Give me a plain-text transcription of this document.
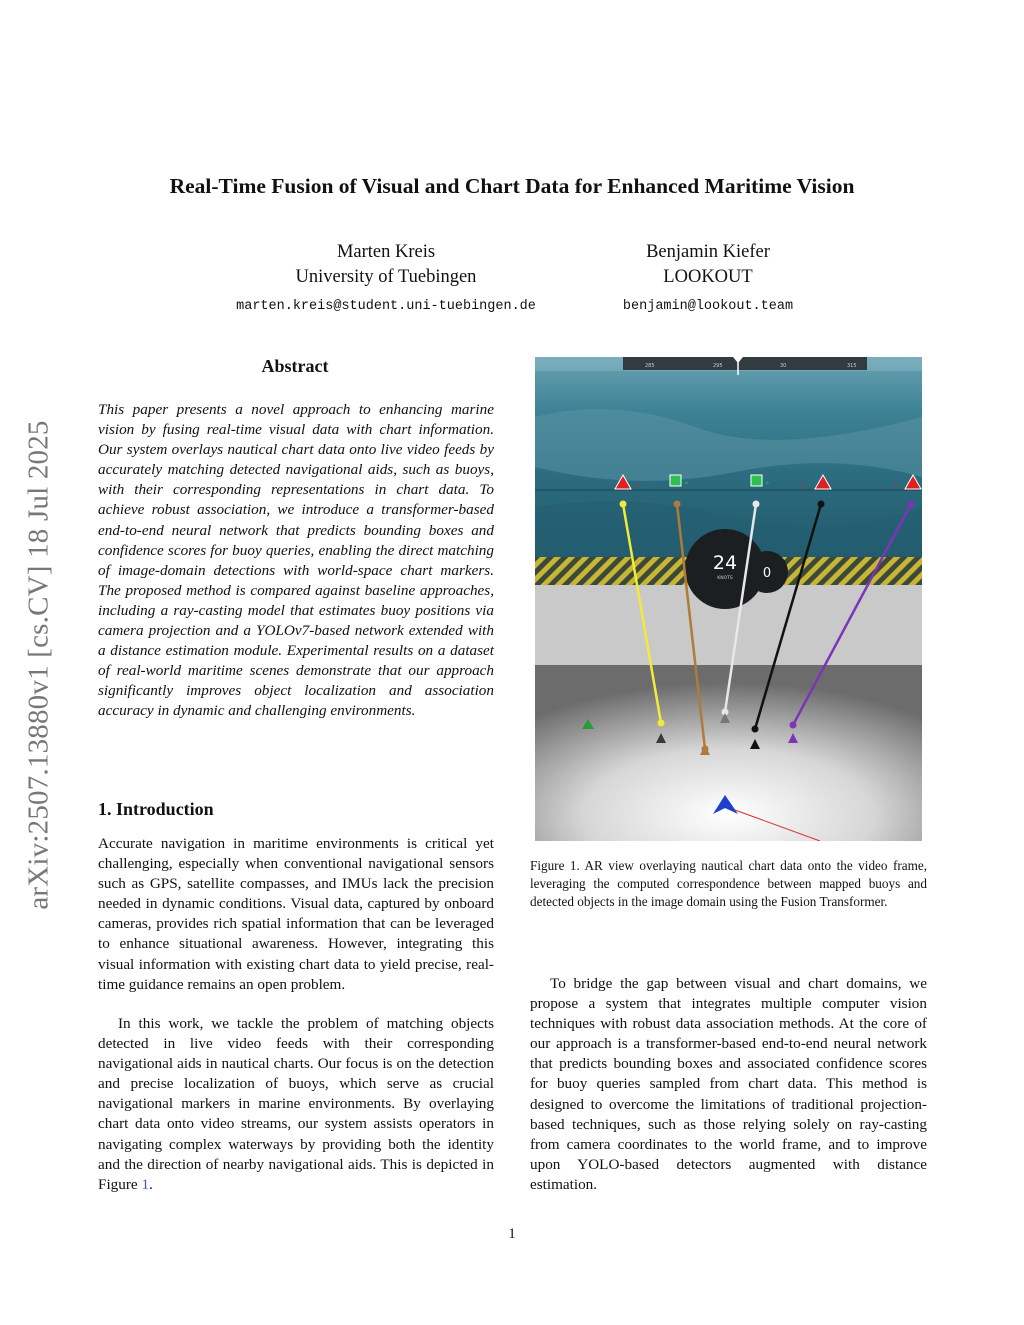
arXiv:2507.13880v1 [cs.CV] 18 Jul 2025
Real-Time Fusion of Visual and Chart Data for Enhanced Maritime Vision
Marten Kreis
University of Tuebingen
marten.kreis@student.uni-tuebingen.de
Benjamin Kiefer
LOOKOUT
benjamin@lookout.team
Abstract
This paper presents a novel approach to enhancing marine vision by fusing real-time visual data with chart information. Our system overlays nautical chart data onto live video feeds by accurately matching detected navigational aids, such as buoys, with their corresponding representations in chart data. To achieve robust association, we introduce a transformer-based end-to-end neural network that predicts bounding boxes and confidence scores for buoy queries, enabling the direct matching of image-domain detections with world-space chart markers. The proposed method is compared against baseline approaches, including a ray-casting model that estimates buoy positions via camera projection and a YOLOv7-based network extended with a distance estimation module. Experimental results on a dataset of real-world maritime scenes demonstrate that our approach significantly improves object localization and association accuracy in dynamic and challenging environments.
1. Introduction
Accurate navigation in maritime environments is critical yet challenging, especially when conventional navigational sensors such as GPS, satellite compasses, and IMUs lack the precision needed in dynamic conditions. Visual data, captured by onboard cameras, provides rich spatial information that can be leveraged to enhance situational awareness. However, integrating this visual information with existing chart data to yield precise, real-time guidance remains an open problem.
In this work, we tackle the problem of matching objects detected in live video feeds with their corresponding navigational aids in nautical charts. Our focus is on the detection and precise localization of buoys, which serve as crucial navigational markers in marine environments. By overlaying chart data onto video streams, our system assists operators in navigating complex waterways by providing both the identity and the direction of nearby navigational aids. This is depicted in Figure 1.
285	295	30	315
24
KNOTS 0
»	»	»	«	«
Figure 1. AR view overlaying nautical chart data onto the video frame, leveraging the computed correspondence between mapped buoys and detected objects in the image domain using the Fusion Transformer.
To bridge the gap between visual and chart domains, we propose a system that integrates multiple computer vision techniques with robust data association methods. At the core of our approach is a transformer-based end-to-end neural network that predicts bounding boxes and associated confidence scores for buoy queries sampled from chart data. This method is designed to overcome the limitations of traditional projection-based techniques, such as those relying solely on ray-casting from camera coordinates to the world frame, and to improve upon YOLO-based detectors augmented with distance estimation.
1
